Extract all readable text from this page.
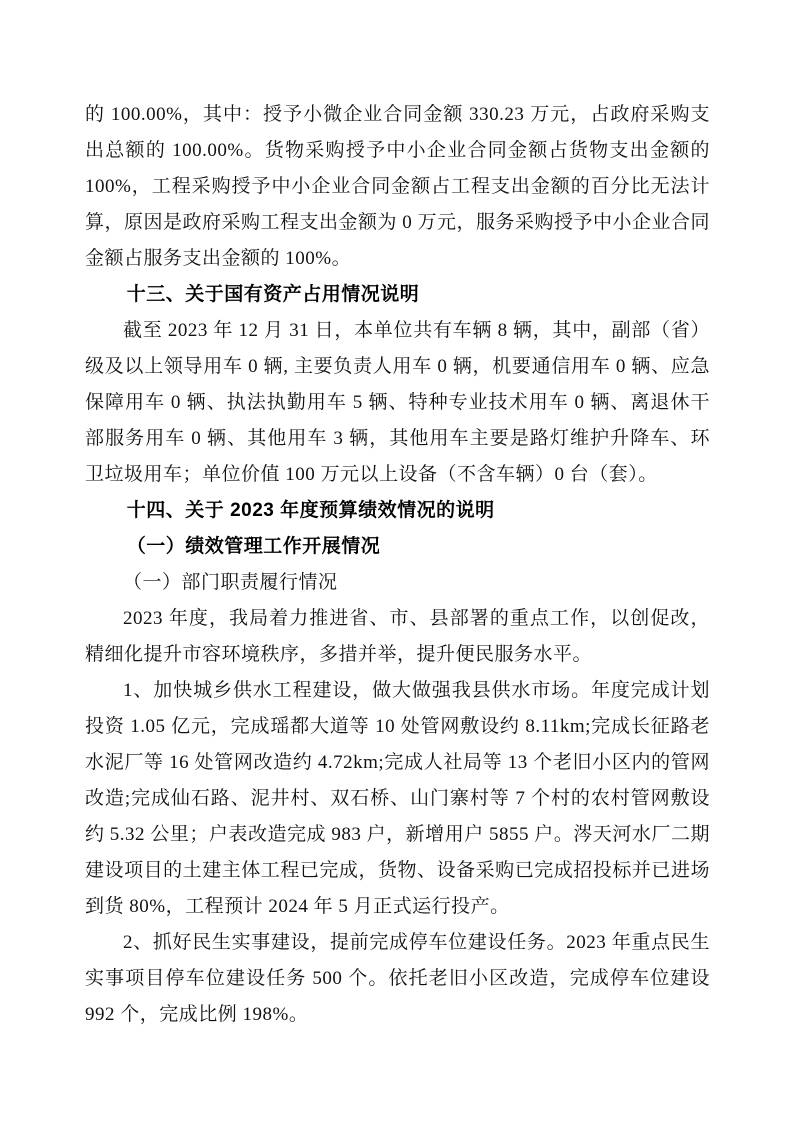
的 100.00%，其中：授予小微企业合同金额 330.23 万元，占政府采购支出总额的 100.00%。货物采购授予中小企业合同金额占货物支出金额的 100%，工程采购授予中小企业合同金额占工程支出金额的百分比无法计算，原因是政府采购工程支出金额为 0 万元，服务采购授予中小企业合同金额占服务支出金额的 100%。

十三、关于国有资产占用情况说明

截至 2023 年 12 月 31 日，本单位共有车辆 8 辆，其中，副部（省）级及以上领导用车 0 辆, 主要负责人用车 0 辆，机要通信用车 0 辆、应急保障用车 0 辆、执法执勤用车 5 辆、特种专业技术用车 0 辆、离退休干部服务用车 0 辆、其他用车 3 辆，其他用车主要是路灯维护升降车、环卫垃圾用车；单位价值 100 万元以上设备（不含车辆）0 台（套）。

十四、关于 2023 年度预算绩效情况的说明

（一）绩效管理工作开展情况

（一）部门职责履行情况

2023 年度，我局着力推进省、市、县部署的重点工作，以创促改，精细化提升市容环境秩序，多措并举，提升便民服务水平。

1、加快城乡供水工程建设，做大做强我县供水市场。年度完成计划投资 1.05 亿元，完成瑶都大道等 10 处管网敷设约 8.11km;完成长征路老水泥厂等 16 处管网改造约 4.72km;完成人社局等 13 个老旧小区内的管网改造;完成仙石路、泥井村、双石桥、山门寨村等 7 个村的农村管网敷设约 5.32 公里；户表改造完成 983 户，新增用户 5855 户。涔天河水厂二期建设项目的土建主体工程已完成，货物、设备采购已完成招投标并已进场到货 80%，工程预计 2024 年 5 月正式运行投产。

2、抓好民生实事建设，提前完成停车位建设任务。2023 年重点民生实事项目停车位建设任务 500 个。依托老旧小区改造，完成停车位建设 992 个，完成比例 198%。
